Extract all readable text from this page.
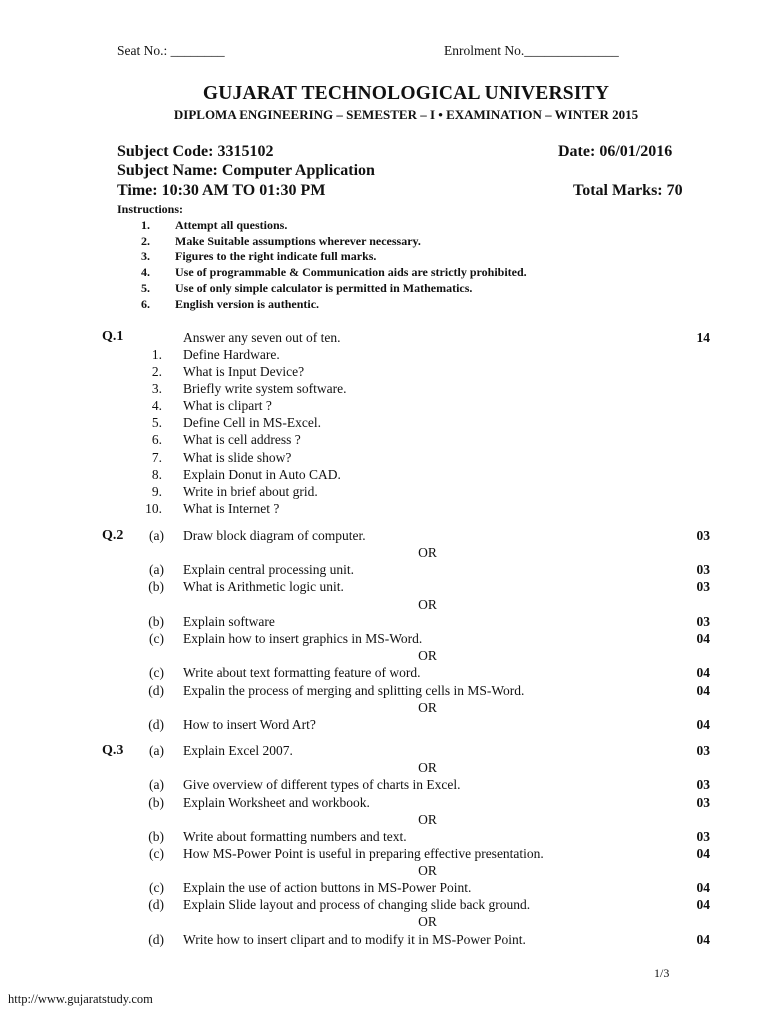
Seat No.: ________	Enrolment No.______________
GUJARAT TECHNOLOGICAL UNIVERSITY
DIPLOMA ENGINEERING – SEMESTER – I • EXAMINATION – WINTER 2015
Subject Code: 3315102	Date: 06/01/2016
Subject Name: Computer Application
Time: 10:30 AM TO 01:30 PM	Total Marks: 70
Instructions:
1. Attempt all questions.
2. Make Suitable assumptions wherever necessary.
3. Figures to the right indicate full marks.
4. Use of programmable & Communication aids are strictly prohibited.
5. Use of only simple calculator is permitted in Mathematics.
6. English version is authentic.
Q.1	Answer any seven out of ten.	14
1. Define Hardware.
2. What is Input Device?
3. Briefly write system software.
4. What is clipart ?
5. Define Cell in MS-Excel.
6. What is cell address ?
7. What is slide show?
8. Explain Donut in Auto CAD.
9. Write in brief about grid.
10. What is Internet ?
Q.2	(a) Draw block diagram of computer.	03
OR
(a) Explain central processing unit.	03
(b) What is Arithmetic logic unit.	03
OR
(b) Explain software	03
(c) Explain how to insert graphics in MS-Word.	04
OR
(c) Write about text formatting feature of word.	04
(d) Expalin the process of merging and splitting cells in MS-Word.	04
OR
(d) How to insert Word Art?	04
Q.3	(a) Explain Excel 2007.	03
OR
(a) Give overview of different types of charts in Excel.	03
(b) Explain Worksheet and workbook.	03
OR
(b) Write about formatting numbers and text.	03
(c) How MS-Power Point is useful in preparing effective presentation.	04
OR
(c) Explain the use of action buttons in MS-Power Point.	04
(d) Explain Slide layout and process of changing slide back ground.	04
OR
(d) Write how to insert clipart and to modify it in MS-Power Point.	04
1/3
http://www.gujaratstudy.com
